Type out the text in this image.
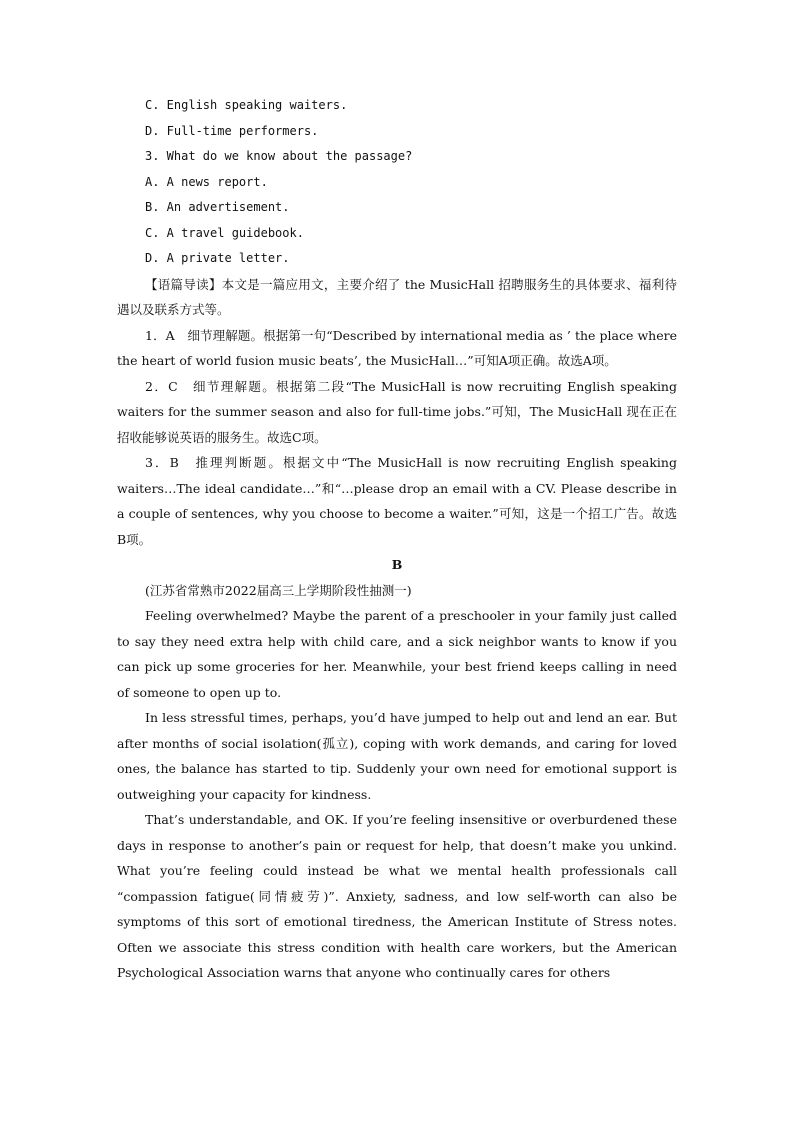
C. English speaking waiters.

D. Full-time performers.

3. What do we know about the passage?

A. A news report.

B. An advertisement.

C. A travel guidebook.

D. A private letter.

【语篇导读】本文是一篇应用文，主要介绍了 the MusicHall 招聘服务生的具体要求、福利待遇以及联系方式等。

1．A　细节理解题。根据第一句“Described by international media as ’ the place where the heart of world fusion music beats’, the MusicHall…”可知A项正确。故选A项。

2．C　细节理解题。根据第二段“The MusicHall is now recruiting English speaking waiters for the summer season and also for full-time jobs.”可知，The MusicHall 现在正在招收能够说英语的服务生。故选C项。

3．B　推理判断题。根据文中“The MusicHall is now recruiting English speaking waiters…The ideal candidate…”和“…please drop an email with a CV. Please describe in a couple of sentences, why you choose to become a waiter.”可知，这是一个招工广告。故选B项。

B

(江苏省常熟市2022届高三上学期阶段性抽测一)

Feeling overwhelmed? Maybe the parent of a preschooler in your family just called to say they need extra help with child care, and a sick neighbor wants to know if you can pick up some groceries for her. Meanwhile, your best friend keeps calling in need of someone to open up to.

In less stressful times, perhaps, you’d have jumped to help out and lend an ear. But after months of social isolation(孤立), coping with work demands, and caring for loved ones, the balance has started to tip. Suddenly your own need for emotional support is outweighing your capacity for kindness.

That’s understandable, and OK. If you’re feeling insensitive or overburdened these days in response to another’s pain or request for help, that doesn’t make you unkind. What you’re feeling could instead be what we mental health professionals call “compassion fatigue(同情疲劳)”. Anxiety, sadness, and low self-worth can also be symptoms of this sort of emotional tiredness, the American Institute of Stress notes. Often we associate this stress condition with health care workers, but the American Psychological Association warns that anyone who continually cares for others
